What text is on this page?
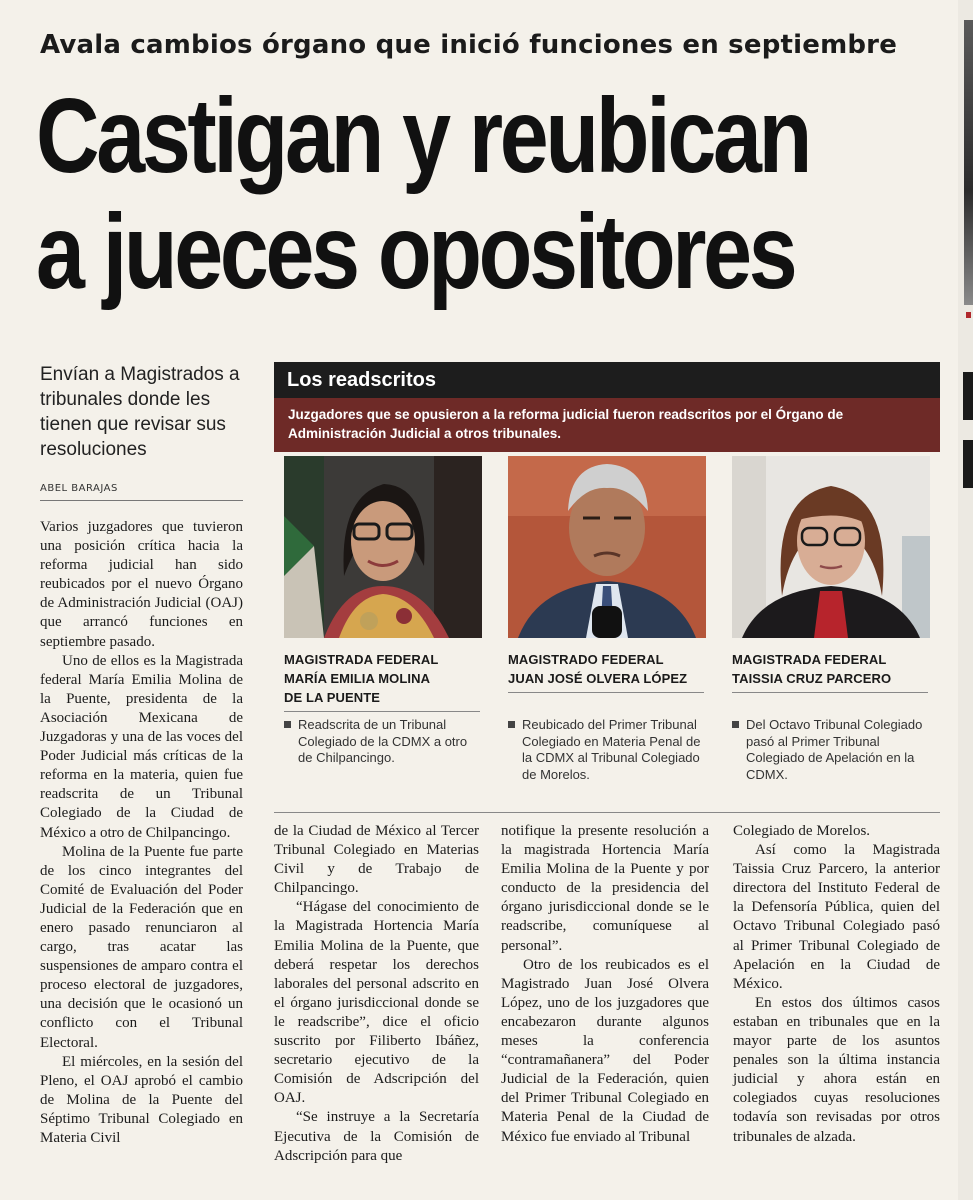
Avala cambios órgano que inició funciones en septiembre
Castigan y reubican
a jueces opositores
Envían a Magistrados a tribunales donde les tienen que revisar sus resoluciones
ABEL BARAJAS

Varios juzgadores que tuvieron una posición crítica hacia la reforma judicial han sido reubicados por el nuevo Órgano de Administración Judicial (OAJ) que arrancó funciones en septiembre pasado.

Uno de ellos es la Magistrada federal María Emilia Molina de la Puente, presidenta de la Asociación Mexicana de Juzgadoras y una de las voces del Poder Judicial más críticas de la reforma en la materia, quien fue readscrita de un Tribunal Colegiado de la Ciudad de México a otro de Chilpancingo.

Molina de la Puente fue parte de los cinco integrantes del Comité de Evaluación del Poder Judicial de la Federación que en enero pasado renunciaron al cargo, tras acatar las suspensiones de amparo contra el proceso electoral de juzgadores, una decisión que le ocasionó un conflicto con el Tribunal Electoral.

El miércoles, en la sesión del Pleno, el OAJ aprobó el cambio de Molina de la Puente del Séptimo Tribunal Colegiado en Materia Civil

Los readscritos
Juzgadores que se opusieron a la reforma judicial fueron readscritos por el Órgano de Administración Judicial a otros tribunales.
MAGISTRADA FEDERAL
MARÍA EMILIA MOLINA
DE LA PUENTE
Readscrita de un Tribunal Colegiado de la CDMX a otro de Chilpancingo.
MAGISTRADO FEDERAL
JUAN JOSÉ OLVERA LÓPEZ
Reubicado del Primer Tribunal Colegiado en Materia Penal de la CDMX al Tribunal Colegiado de Morelos.
MAGISTRADA FEDERAL
TAISSIA CRUZ PARCERO
Del Octavo Tribunal Colegiado pasó al Primer Tribunal Colegiado de Apelación en la CDMX.

de la Ciudad de México al Tercer Tribunal Colegiado en Materias Civil y de Trabajo de Chilpancingo.

“Hágase del conocimiento de la Magistrada Hortencia María Emilia Molina de la Puente, que deberá respetar los derechos laborales del personal adscrito en el órgano jurisdiccional donde se le readscribe”, dice el oficio suscrito por Filiberto Ibáñez, secretario ejecutivo de la Comisión de Adscripción del OAJ.

“Se instruye a la Secretaría Ejecutiva de la Comisión de Adscripción para que

notifique la presente resolución a la magistrada Hortencia María Emilia Molina de la Puente y por conducto de la presidencia del órgano jurisdiccional donde se le readscribe, comuníquese al personal”.

Otro de los reubicados es el Magistrado Juan José Olvera López, uno de los juzgadores que encabezaron durante algunos meses la conferencia “contramañanera” del Poder Judicial de la Federación, quien del Primer Tribunal Colegiado en Materia Penal de la Ciudad de México fue enviado al Tribunal

Colegiado de Morelos.

Así como la Magistrada Taissia Cruz Parcero, la anterior directora del Instituto Federal de la Defensoría Pública, quien del Octavo Tribunal Colegiado pasó al Primer Tribunal Colegiado de Apelación en la Ciudad de México.

En estos dos últimos casos estaban en tribunales que en la mayor parte de los asuntos penales son la última instancia judicial y ahora están en colegiados cuyas resoluciones todavía son revisadas por otros tribunales de alzada.
